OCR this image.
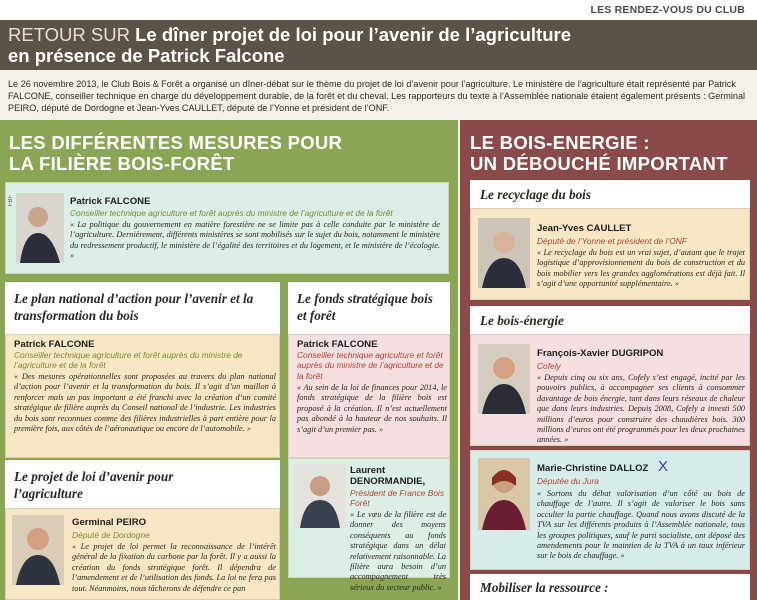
LES RENDEZ-VOUS DU CLUB
RETOUR SUR Le dîner projet de loi pour l’avenir de l’agriculture
en présence de Patrick Falcone
Le 26 novembre 2013, le Club Bois & Forêt a organisé un dîner-débat sur le thème du projet de loi d’avenir pour l’agriculture. Le ministère de l’agriculture était représenté par Patrick FALCONE, conseiller technique en charge du développement durable, de la forêt et du cheval. Les rapporteurs du texte à l’Assemblée nationale étaient également présents : Germinal PEIRO, député de Dordogne et Jean-Yves CAULLET, député de l’Yonne et président de l’ONF.
LES DIFFÉRENTES MESURES POUR
LA FILIÈRE BOIS-FORÊT
FBF	Patrick FALCONE
Conseiller technique agriculture et forêt auprès du ministre de l’agriculture et de la forêt
« La politique du gouvernement en matière forestière ne se limite pas à celle conduite par le ministère de l’agriculture. Dernièrement, différents ministères se sont mobilisés sur le sujet du bois, notamment le ministère du redressement productif, le ministère de l’égalité des territoires et du logement, et le ministère de l’écologie. »
Le plan national d’action pour l’avenir et la transformation du bois
Patrick FALCONE
Conseiller technique agriculture et forêt auprès du ministre de l’agriculture et de la forêt
« Des mesures opérationnelles sont proposées au travers du plan national d’action pour l’avenir et la transformation du bois. Il s’agit d’un maillon à renforcer mais un pas important a été franchi avec la création d’un comité stratégique de filière auprès du Conseil national de l’industrie. Les industries du bois sont reconnues comme des filières industrielles à part entière pour la première fois, aux côtés de l’aéronautique ou encore de l’automobile. »
Le fonds stratégique bois et forêt
Patrick FALCONE
Conseiller technique agriculture et forêt auprès du ministre de l’agriculture et de la forêt
« Au sein de la loi de finances pour 2014, le fonds stratégique de la filière bois est proposé à la création. Il n’est actuellement pas abondé à la hauteur de nos souhaits. Il s’agit d’un premier pas. »
Laurent DENORMANDIE,
Président de France Bois Forêt
« Le vœu de la filière est de donner des moyens conséquents au fonds stratégique dans un délai relativement raisonnable. La filière aura besoin d’un accompagnement très sérieux du secteur public. »
Le projet de loi d’avenir pour l’agriculture
Germinal PEIRO
Député de Dordogne
« Le projet de loi permet la reconnaissance de l’intérêt général de la fixation du carbone par la forêt. Il y a aussi la création du fonds stratégique forêt. Il dépendra de l’amendement et de l’utilisation des fonds. La loi ne fera pas tout. Néanmoins, nous tâcherons de défendre ce pan
LE BOIS-ENERGIE :
UN DÉBOUCHÉ IMPORTANT
Le recyclage du bois
Jean-Yves CAULLET
Député de l’Yonne et président de l’ONF
« Le recyclage du bois est un vrai sujet, d’autant que le trajet logistique d’approvisionnement du bois de construction et du bois mobilier vers les grandes agglomérations est déjà fait. Il s’agit d’une opportunité supplémentaire. »
Le bois-énergie
François-Xavier DUGRIPON
Cofely
« Depuis cinq ou six ans, Cofely s’est engagé, incité par les pouvoirs publics, à accompagner ses clients à consommer davantage de bois énergie, tant dans leurs réseaux de chaleur que dans leurs industries. Depuis 2008, Cofely a investi 500 millions d’euros pour construire des chaudières bois. 300 millions d’euros ont été programmés pour les deux prochaines années. »
Marie-Christine DALLOZ X
Députée du Jura
« Sortons du débat valorisation d’un côté ou bois de chauffage de l’autre. Il s’agit de valoriser le bois sans occulter la partie chauffage. Quand nous avons discuté de la TVA sur les différents produits à l’Assemblée nationale, tous les groupes politiques, sauf le parti socialiste, ont déposé des amendements pour le maintien de la TVA à un taux inférieur sur le bois de chauffage. »
Mobiliser la ressource :
